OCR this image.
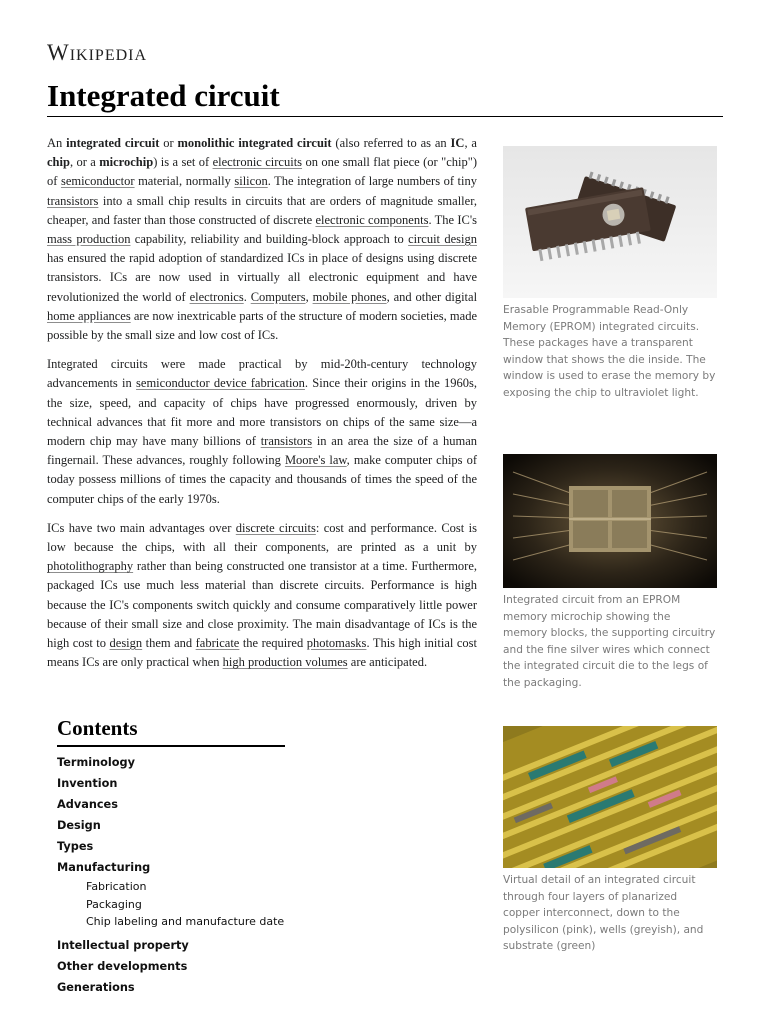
Wikipedia
Integrated circuit

An integrated circuit or monolithic integrated circuit (also referred to as an IC, a chip, or a microchip) is a set of electronic circuits on one small flat piece (or "chip") of semiconductor material, normally silicon. The integration of large numbers of tiny transistors into a small chip results in circuits that are orders of magnitude smaller, cheaper, and faster than those constructed of discrete electronic components. The IC's mass production capability, reliability and building-block approach to circuit design has ensured the rapid adoption of standardized ICs in place of designs using discrete transistors. ICs are now used in virtually all electronic equipment and have revolutionized the world of electronics. Computers, mobile phones, and other digital home appliances are now inextricable parts of the structure of modern societies, made possible by the small size and low cost of ICs.

Integrated circuits were made practical by mid-20th-century technology advancements in semiconductor device fabrication. Since their origins in the 1960s, the size, speed, and capacity of chips have progressed enormously, driven by technical advances that fit more and more transistors on chips of the same size—a modern chip may have many billions of transistors in an area the size of a human fingernail. These advances, roughly following Moore's law, make computer chips of today possess millions of times the capacity and thousands of times the speed of the computer chips of the early 1970s.

ICs have two main advantages over discrete circuits: cost and performance. Cost is low because the chips, with all their components, are printed as a unit by photolithography rather than being constructed one transistor at a time. Furthermore, packaged ICs use much less material than discrete circuits. Performance is high because the IC's components switch quickly and consume comparatively little power because of their small size and close proximity. The main disadvantage of ICs is the high cost to design them and fabricate the required photomasks. This high initial cost means ICs are only practical when high production volumes are anticipated.

Erasable Programmable Read-Only Memory (EPROM) integrated circuits. These packages have a transparent window that shows the die inside. The window is used to erase the memory by exposing the chip to ultraviolet light.
Integrated circuit from an EPROM memory microchip showing the memory blocks, the supporting circuitry and the fine silver wires which connect the integrated circuit die to the legs of the packaging.
Virtual detail of an integrated circuit through four layers of planarized copper interconnect, down to the polysilicon (pink), wells (greyish), and substrate (green)
Contents
Terminology
Invention
Advances
Design
Types
Manufacturing
Fabrication
Packaging
Chip labeling and manufacture date
Intellectual property
Other developments
Generations
